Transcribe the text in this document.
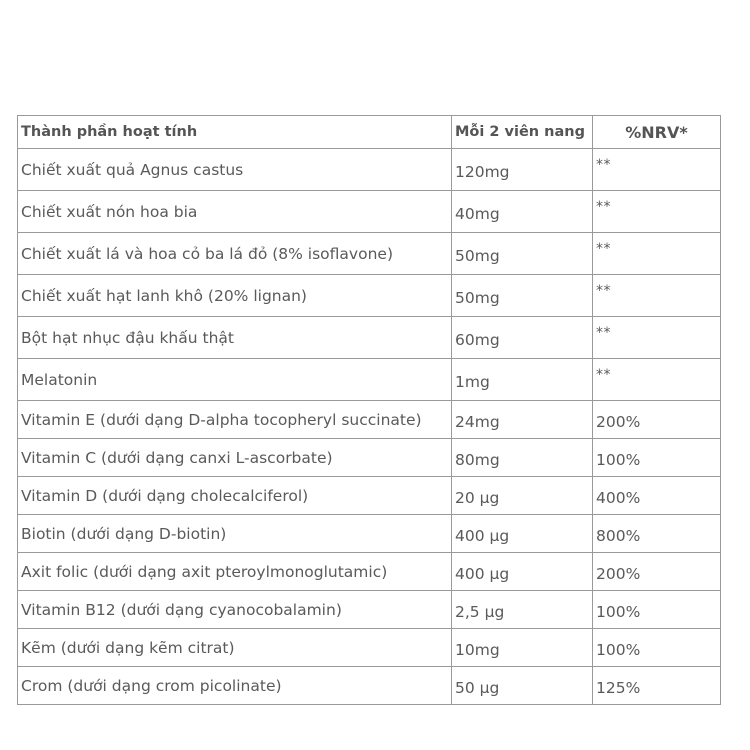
Thành phần hoạt tính	Mỗi 2 viên nang	%NRV*
Chiết xuất quả Agnus castus	120mg	**
Chiết xuất nón hoa bia	40mg	**
Chiết xuất lá và hoa cỏ ba lá đỏ (8% isoflavone)	50mg	**
Chiết xuất hạt lanh khô (20% lignan)	50mg	**
Bột hạt nhục đậu khấu thật	60mg	**
Melatonin	1mg	**
Vitamin E (dưới dạng D-alpha tocopheryl succinate)	24mg	200%
Vitamin C (dưới dạng canxi L-ascorbate)	80mg	100%
Vitamin D (dưới dạng cholecalciferol)	20 µg	400%
Biotin (dưới dạng D-biotin)	400 µg	800%
Axit folic (dưới dạng axit pteroylmonoglutamic)	400 µg	200%
Vitamin B12 (dưới dạng cyanocobalamin)	2,5 µg	100%
Kẽm (dưới dạng kẽm citrat)	10mg	100%
Crom (dưới dạng crom picolinate)	50 µg	125%
